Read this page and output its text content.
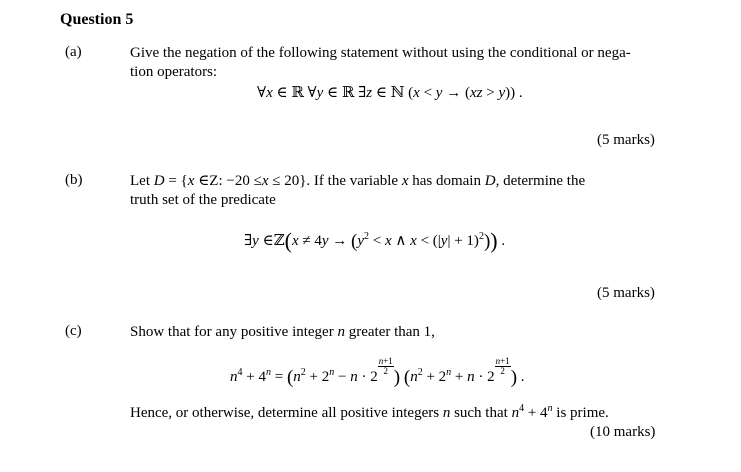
Question 5
(a)	Give the negation of the following statement without using the conditional or nega-
tion operators:
∀x ∈ ℝ ∀y ∈ ℝ ∃z ∈ ℕ (x < y → (xz > y)) .
(5 marks)
(b)	Let D = {x ∈Z: −20 ≤x ≤ 20}. If the variable x has domain D, determine the
truth set of the predicate
∃y ∈ℤ(x ≠ $4y \to (y^2 < x$ ∧ $x < (|y| + 1)^2$)) .
(5 marks)
(c)	Show that for any positive integer n greater than 1,
$n^4 + 4^n = (n^2 + 2^n - n \cdot 2$
$\frac{n+1}{2}$
) ($n^2 + 2^n + n \cdot 2$
$\frac{n+1}{2}$
) .
Hence, or otherwise, determine all positive integers n such that $n^4 + 4^n$ is prime.
(10 marks)
